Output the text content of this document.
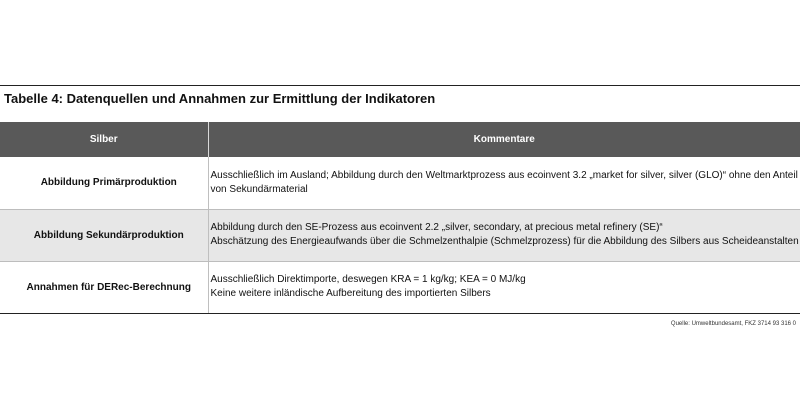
Tabelle 4: Datenquellen und Annahmen zur Ermittlung der Indikatoren
Silber	Kommentare
Abbildung Primärproduktion	Ausschließlich im Ausland; Abbildung durch den Weltmarktprozess aus ecoinvent 3.2 „market for silver, silver (GLO)“ ohne den Anteil
von Sekundärmaterial

Abbildung Sekundärproduktion	Abbildung durch den SE-Prozess aus ecoinvent 2.2 „silver, secondary, at precious metal refinery (SE)“
Abschätzung des Energieaufwands über die Schmelzenthalpie (Schmelzprozess) für die Abbildung des Silbers aus Scheideanstalten

Annahmen für DERec-Berechnung	Ausschließlich Direktimporte, deswegen KRA = 1 kg/kg; KEA = 0 MJ/kg
Keine weitere inländische Aufbereitung des importierten Silbers
Quelle: Umweltbundesamt, FKZ 3714 93 316 0
